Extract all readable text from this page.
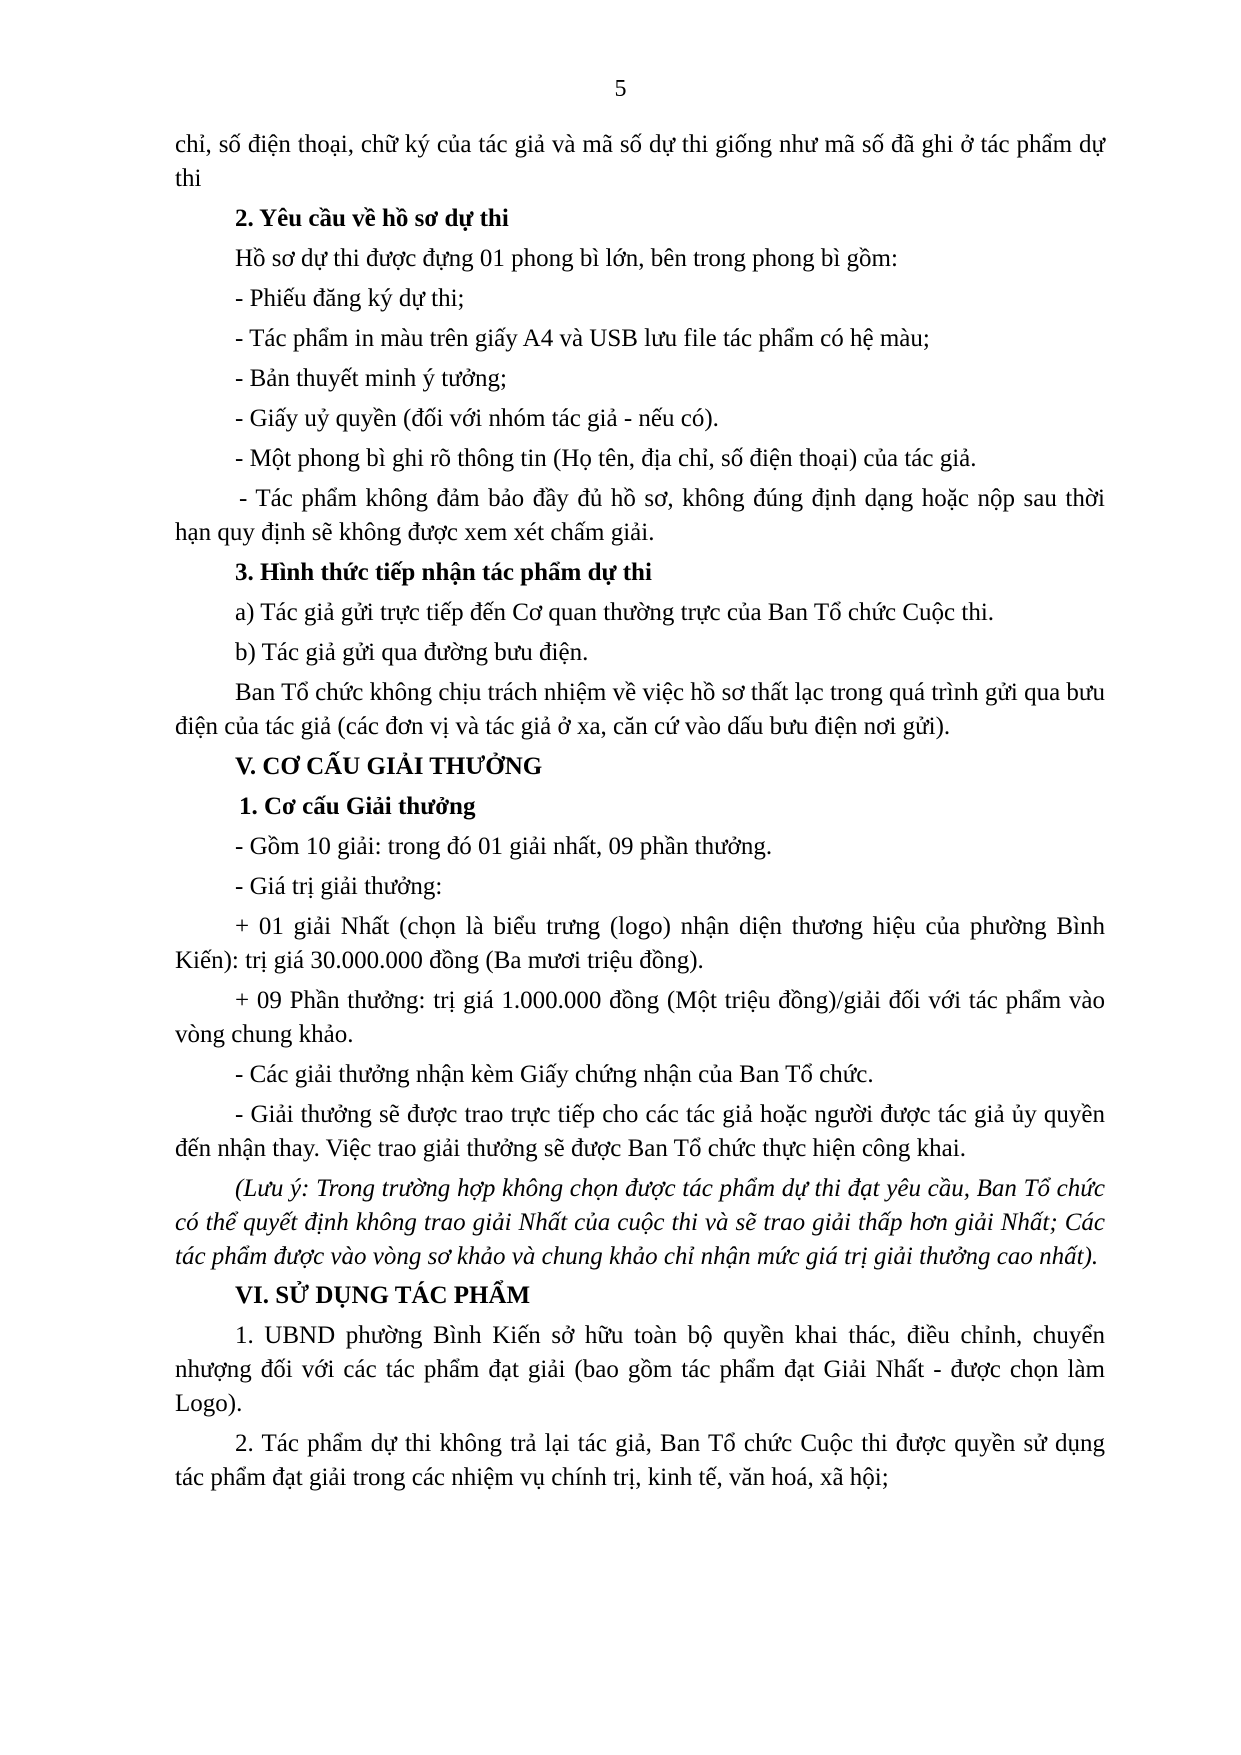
5

chỉ, số điện thoại, chữ ký của tác giả và mã số dự thi giống như mã số đã ghi ở tác phẩm dự thi

2. Yêu cầu về hồ sơ dự thi

Hồ sơ dự thi được đựng 01 phong bì lớn, bên trong phong bì gồm:

- Phiếu đăng ký dự thi;

- Tác phẩm in màu trên giấy A4 và USB lưu file tác phẩm có hệ màu;

- Bản thuyết minh ý tưởng;

- Giấy uỷ quyền (đối với nhóm tác giả - nếu có).

- Một phong bì ghi rõ thông tin (Họ tên, địa chỉ, số điện thoại) của tác giả.

- Tác phẩm không đảm bảo đầy đủ hồ sơ, không đúng định dạng hoặc nộp sau thời hạn quy định sẽ không được xem xét chấm giải.

3. Hình thức tiếp nhận tác phẩm dự thi

a) Tác giả gửi trực tiếp đến Cơ quan thường trực của Ban Tổ chức Cuộc thi.

b) Tác giả gửi qua đường bưu điện.

Ban Tổ chức không chịu trách nhiệm về việc hồ sơ thất lạc trong quá trình gửi qua bưu điện của tác giả (các đơn vị và tác giả ở xa, căn cứ vào dấu bưu điện nơi gửi).

V. CƠ CẤU GIẢI THƯỞNG

1. Cơ cấu Giải thưởng

- Gồm 10 giải: trong đó 01 giải nhất, 09 phần thưởng.

- Giá trị giải thưởng:

+ 01 giải Nhất (chọn là biểu trưng (logo) nhận diện thương hiệu của phường Bình Kiến): trị giá 30.000.000 đồng (Ba mươi triệu đồng).

+ 09 Phần thưởng: trị giá 1.000.000 đồng (Một triệu đồng)/giải đối với tác phẩm vào vòng chung khảo.

- Các giải thưởng nhận kèm Giấy chứng nhận của Ban Tổ chức.

- Giải thưởng sẽ được trao trực tiếp cho các tác giả hoặc người được tác giả ủy quyền đến nhận thay. Việc trao giải thưởng sẽ được Ban Tổ chức thực hiện công khai.

(Lưu ý: Trong trường hợp không chọn được tác phẩm dự thi đạt yêu cầu, Ban Tổ chức có thể quyết định không trao giải Nhất của cuộc thi và sẽ trao giải thấp hơn giải Nhất; Các tác phẩm được vào vòng sơ khảo và chung khảo chỉ nhận mức giá trị giải thưởng cao nhất).

VI. SỬ DỤNG TÁC PHẨM

1. UBND phường Bình Kiến sở hữu toàn bộ quyền khai thác, điều chỉnh, chuyển nhượng đối với các tác phẩm đạt giải (bao gồm tác phẩm đạt Giải Nhất - được chọn làm Logo).

2. Tác phẩm dự thi không trả lại tác giả, Ban Tổ chức Cuộc thi được quyền sử dụng tác phẩm đạt giải trong các nhiệm vụ chính trị, kinh tế, văn hoá, xã hội;
